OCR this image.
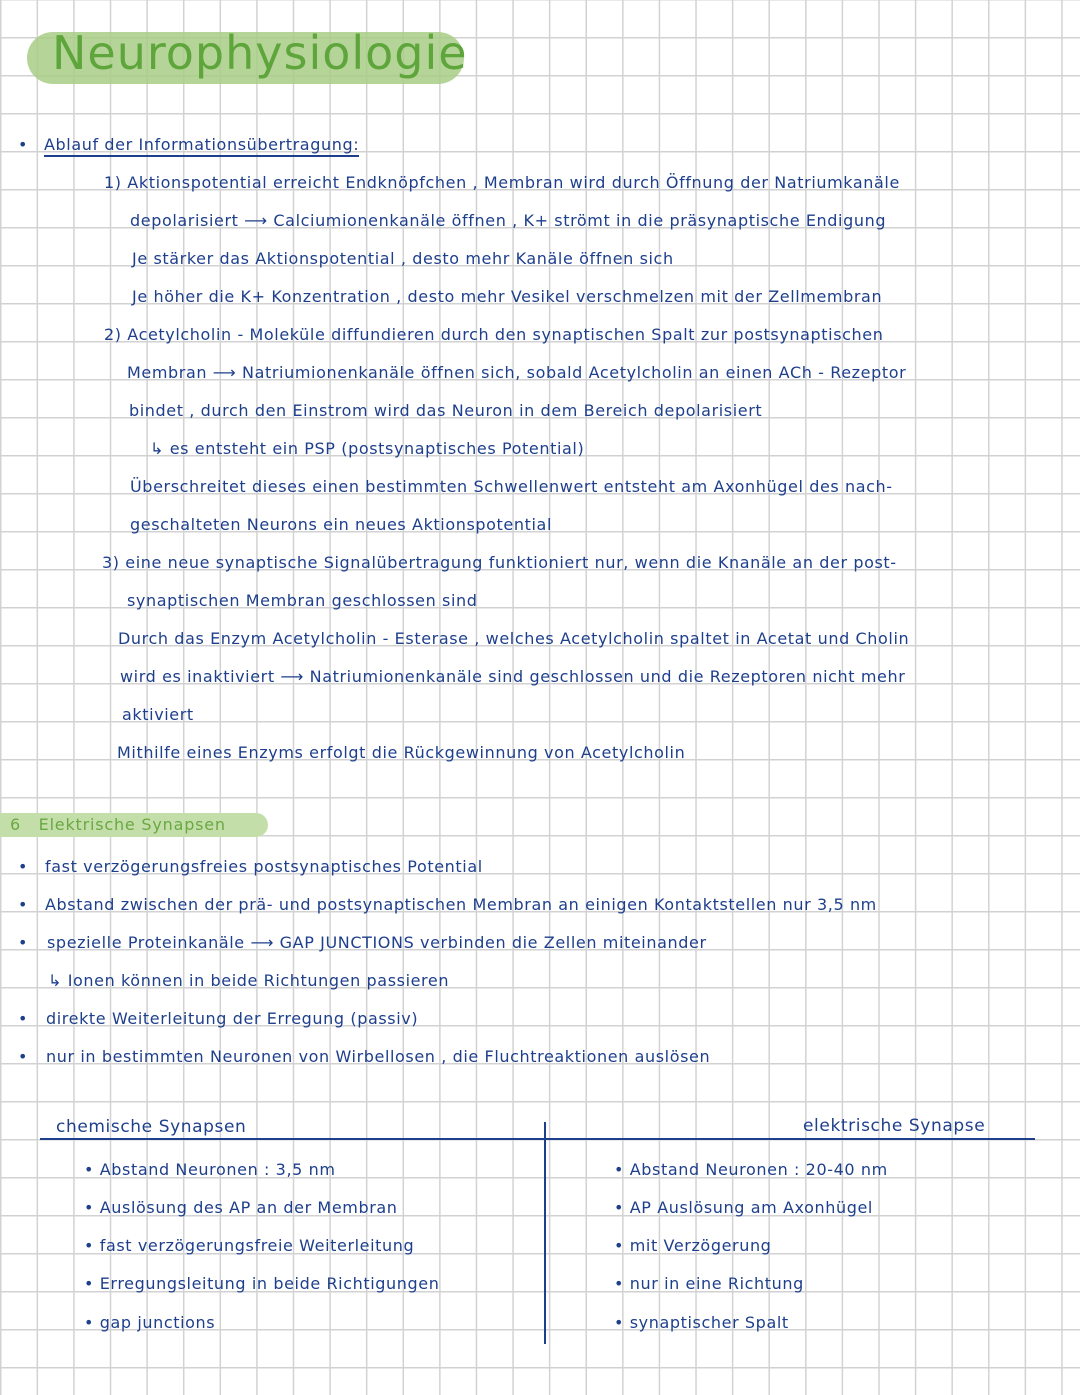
Neurophysiologie
• Ablauf der Informationsübertragung:
1) Aktionspotential erreicht Endknöpfchen , Membran wird durch Öffnung der Natriumkanäle
depolarisiert ⟶ Calciumionenkanäle öffnen , K+ strömt in die präsynaptische Endigung
Je stärker das Aktionspotential , desto mehr Kanäle öffnen sich
Je höher die K+ Konzentration , desto mehr Vesikel verschmelzen mit der Zellmembran
2) Acetylcholin - Moleküle diffundieren durch den synaptischen Spalt zur postsynaptischen
Membran ⟶ Natriumionenkanäle öffnen sich, sobald Acetylcholin an einen ACh - Rezeptor
bindet , durch den Einstrom wird das Neuron in dem Bereich depolarisiert
↳ es entsteht ein PSP (postsynaptisches Potential)
Überschreitet dieses einen bestimmten Schwellenwert entsteht am Axonhügel des nach-
geschalteten Neurons ein neues Aktionspotential
3) eine neue synaptische Signalübertragung funktioniert nur, wenn die Knanäle an der post-
synaptischen Membran geschlossen sind
Durch das Enzym Acetylcholin - Esterase , welches Acetylcholin spaltet in Acetat und Cholin
wird es inaktiviert ⟶ Natriumionenkanäle sind geschlossen und die Rezeptoren nicht mehr
aktiviert
Mithilfe eines Enzyms erfolgt die Rückgewinnung von Acetylcholin
6 Elektrische Synapsen
• fast verzögerungsfreies postsynaptisches Potential
• Abstand zwischen der prä- und postsynaptischen Membran an einigen Kontaktstellen nur 3,5 nm
• spezielle Proteinkanäle ⟶ GAP JUNCTIONS verbinden die Zellen miteinander
↳ Ionen können in beide Richtungen passieren
• direkte Weiterleitung der Erregung (passiv)
• nur in bestimmten Neuronen von Wirbellosen , die Fluchtreaktionen auslösen
chemische Synapsen	elektrische Synapse
• Abstand Neuronen : 3,5 nm
• Auslösung des AP an der Membran
• fast verzögerungsfreie Weiterleitung
• Erregungsleitung in beide Richtigungen
• gap junctions
• Abstand Neuronen : 20-40 nm
• AP Auslösung am Axonhügel
• mit Verzögerung
• nur in eine Richtung
• synaptischer Spalt
